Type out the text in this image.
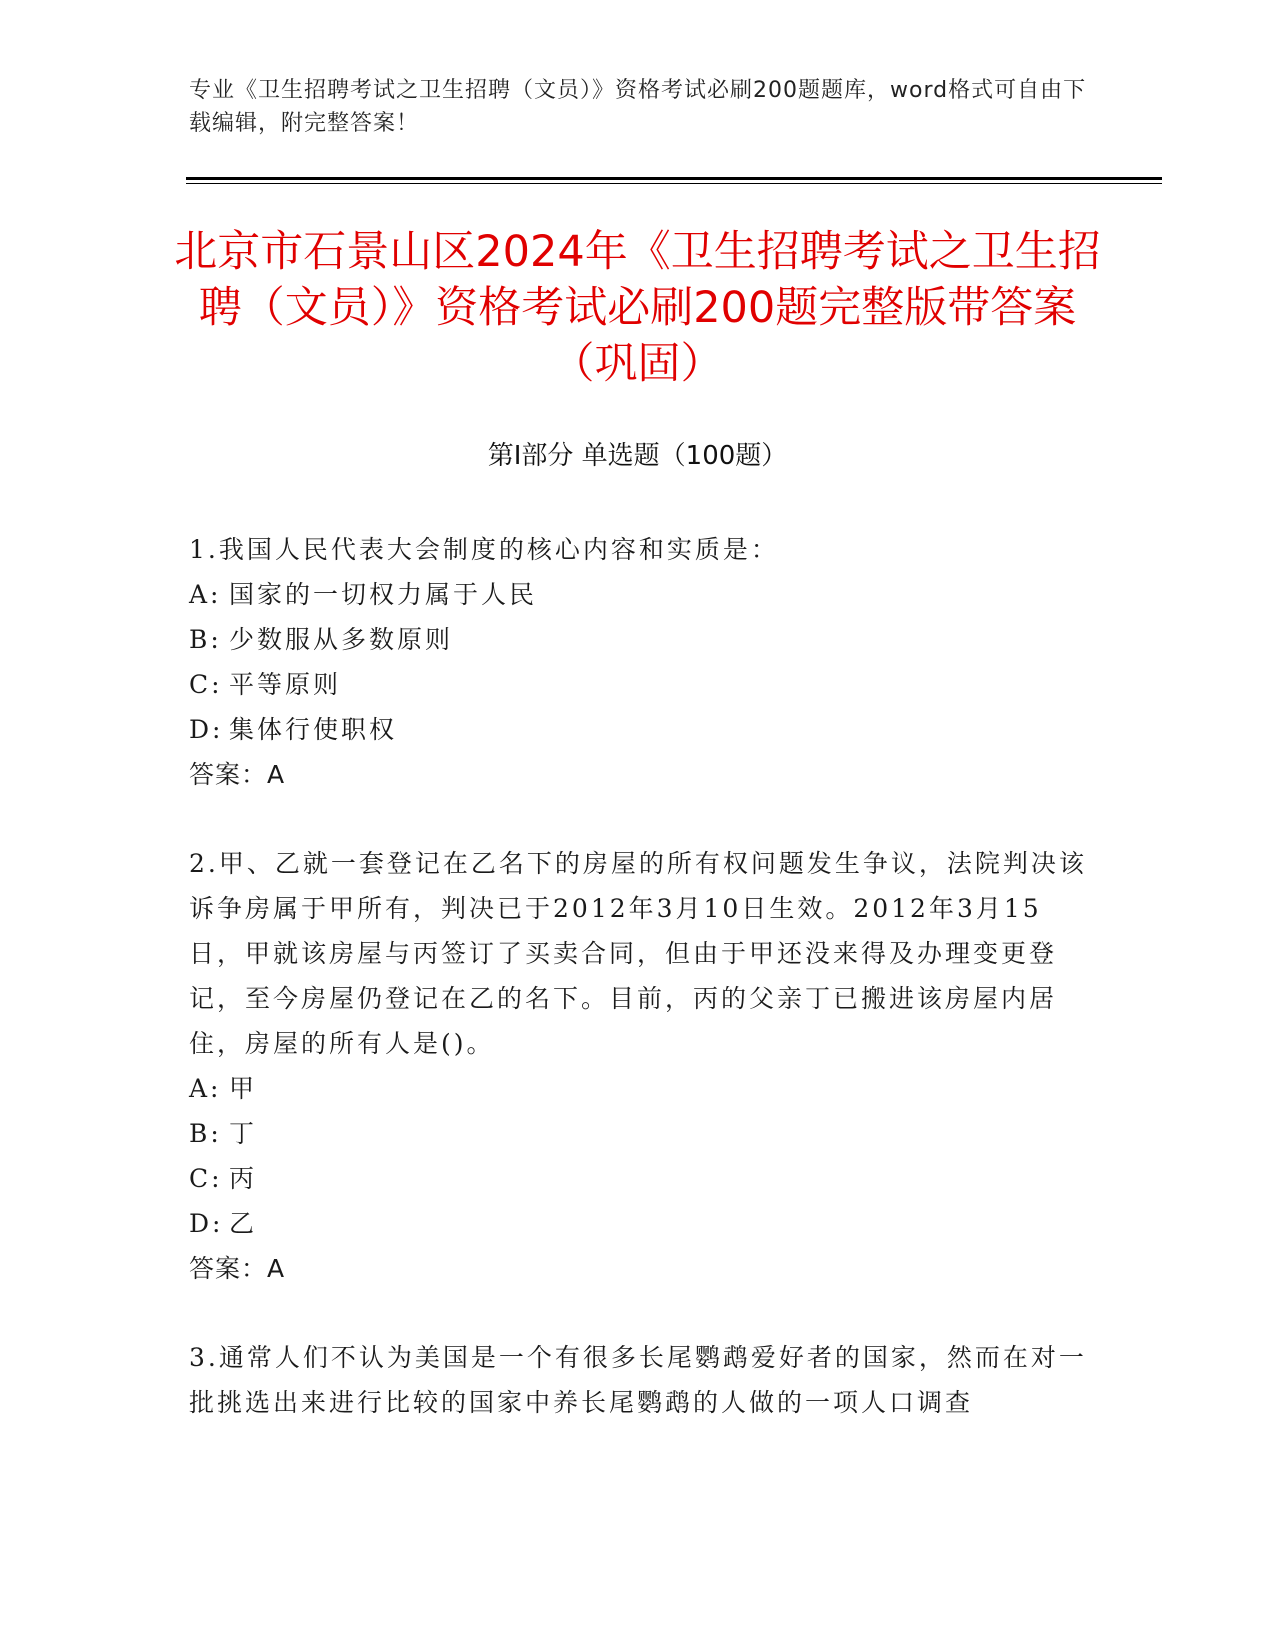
专业《卫生招聘考试之卫生招聘（文员）》资格考试必刷200题题库，word格式可自由下载编辑，附完整答案！
北京市石景山区2024年《卫生招聘考试之卫生招聘（文员）》资格考试必刷200题完整版带答案（巩固）
第I部分 单选题（100题）

1.我国人民代表大会制度的核心内容和实质是：

A: 国家的一切权力属于人民
B: 少数服从多数原则
C: 平等原则
D: 集体行使职权
答案：A

2.甲、乙就一套登记在乙名下的房屋的所有权问题发生争议，法院判决该诉争房属于甲所有，判决已于2012年3月10日生效。2012年3月15日，甲就该房屋与丙签订了买卖合同，但由于甲还没来得及办理变更登记，至今房屋仍登记在乙的名下。目前，丙的父亲丁已搬进该房屋内居住，房屋的所有人是()。

A: 甲
B: 丁
C: 丙
D: 乙
答案：A

3.通常人们不认为美国是一个有很多长尾鹦鹉爱好者的国家，然而在对一批挑选出来进行比较的国家中养长尾鹦鹉的人做的一项人口调查
